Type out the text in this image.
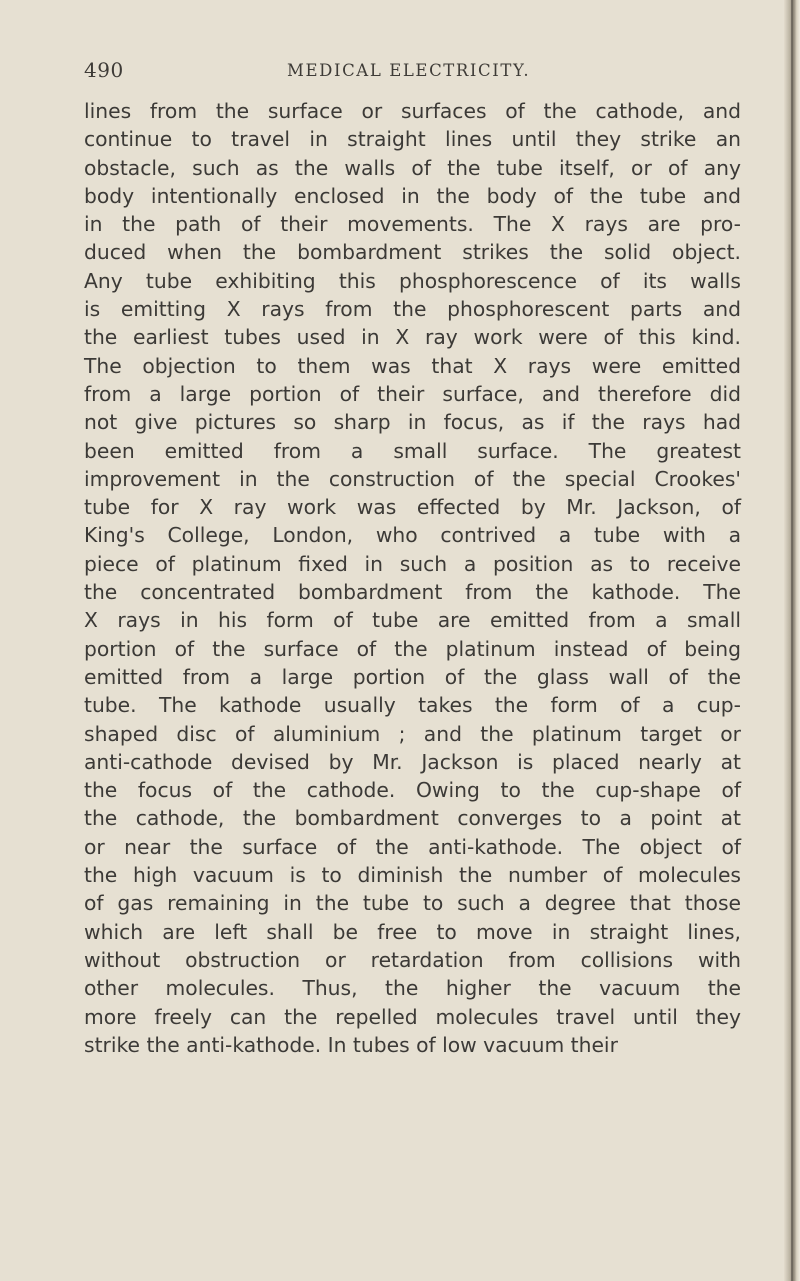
490	MEDICAL ELECTRICITY.
lines from the surface or surfaces of the cathode, and
continue to travel in straight lines until they strike an
obstacle, such as the walls of the tube itself, or of any
body intentionally enclosed in the body of the tube and
in the path of their movements. The X rays are pro-
duced when the bombardment strikes the solid object.
Any tube exhibiting this phosphorescence of its walls
is emitting X rays from the phosphorescent parts and
the earliest tubes used in X ray work were of this kind.
The objection to them was that X rays were emitted
from a large portion of their surface, and therefore did
not give pictures so sharp in focus, as if the rays had
been emitted from a small surface. The greatest
improvement in the construction of the special Crookes'
tube for X ray work was effected by Mr. Jackson, of
King's College, London, who contrived a tube with a
piece of platinum fixed in such a position as to receive
the concentrated bombardment from the kathode. The
X rays in his form of tube are emitted from a small
portion of the surface of the platinum instead of being
emitted from a large portion of the glass wall of the
tube. The kathode usually takes the form of a cup-
shaped disc of aluminium ; and the platinum target or
anti-cathode devised by Mr. Jackson is placed nearly at
the focus of the cathode. Owing to the cup-shape of
the cathode, the bombardment converges to a point at
or near the surface of the anti-kathode. The object of
the high vacuum is to diminish the number of molecules
of gas remaining in the tube to such a degree that those
which are left shall be free to move in straight lines,
without obstruction or retardation from collisions with
other molecules. Thus, the higher the vacuum the
more freely can the repelled molecules travel until they
strike the anti-kathode. In tubes of low vacuum their
